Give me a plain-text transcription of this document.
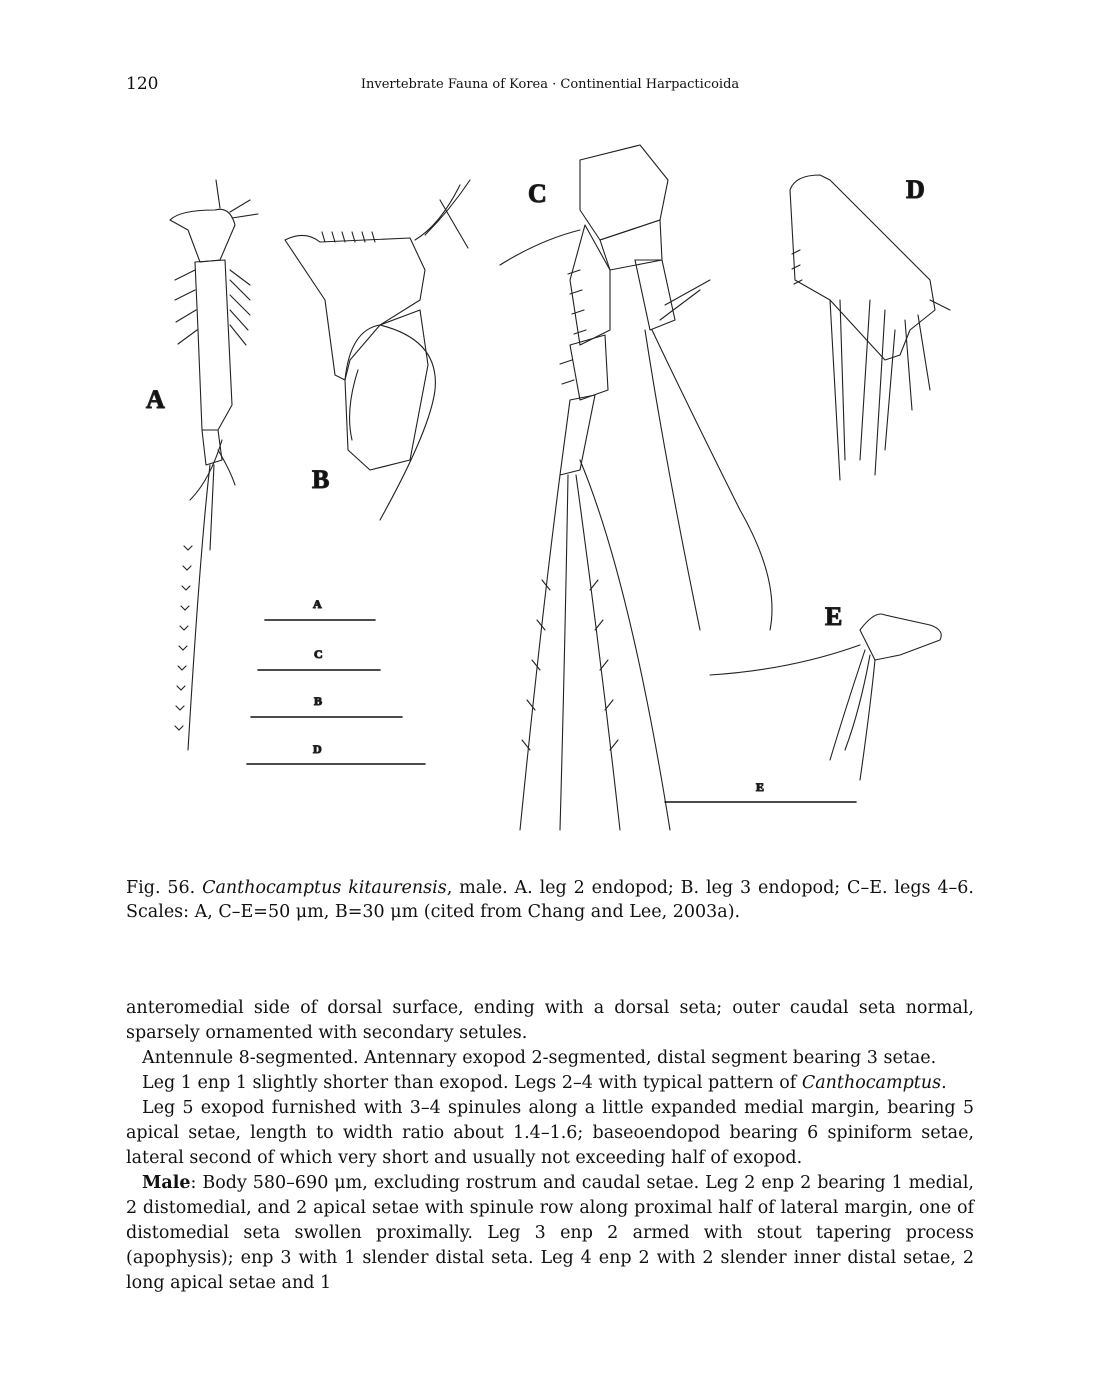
120	Invertebrate Fauna of Korea · Continential Harpacticoida
A
B
C	D
E
A
C
B
D
E
Fig. 56. Canthocamptus kitaurensis, male. A. leg 2 endopod; B. leg 3 endopod; C–E. legs 4–6. Scales: A, C–E=50 μm, B=30 μm (cited from Chang and Lee, 2003a).

anteromedial side of dorsal surface, ending with a dorsal seta; outer caudal seta normal, sparsely ornamented with secondary setules.

Antennule 8-segmented. Antennary exopod 2-segmented, distal segment bearing 3 setae.

Leg 1 enp 1 slightly shorter than exopod. Legs 2–4 with typical pattern of Canthocamptus.

Leg 5 exopod furnished with 3–4 spinules along a little expanded medial margin, bearing 5 apical setae, length to width ratio about 1.4–1.6; baseoendopod bearing 6 spiniform setae, lateral second of which very short and usually not exceeding half of exopod.

Male: Body 580–690 μm, excluding rostrum and caudal setae. Leg 2 enp 2 bearing 1 medial, 2 distomedial, and 2 apical setae with spinule row along proximal half of lateral margin, one of distomedial seta swollen proximally. Leg 3 enp 2 armed with stout tapering process (apophysis); enp 3 with 1 slender distal seta. Leg 4 enp 2 with 2 slender inner distal setae, 2 long apical setae and 1
